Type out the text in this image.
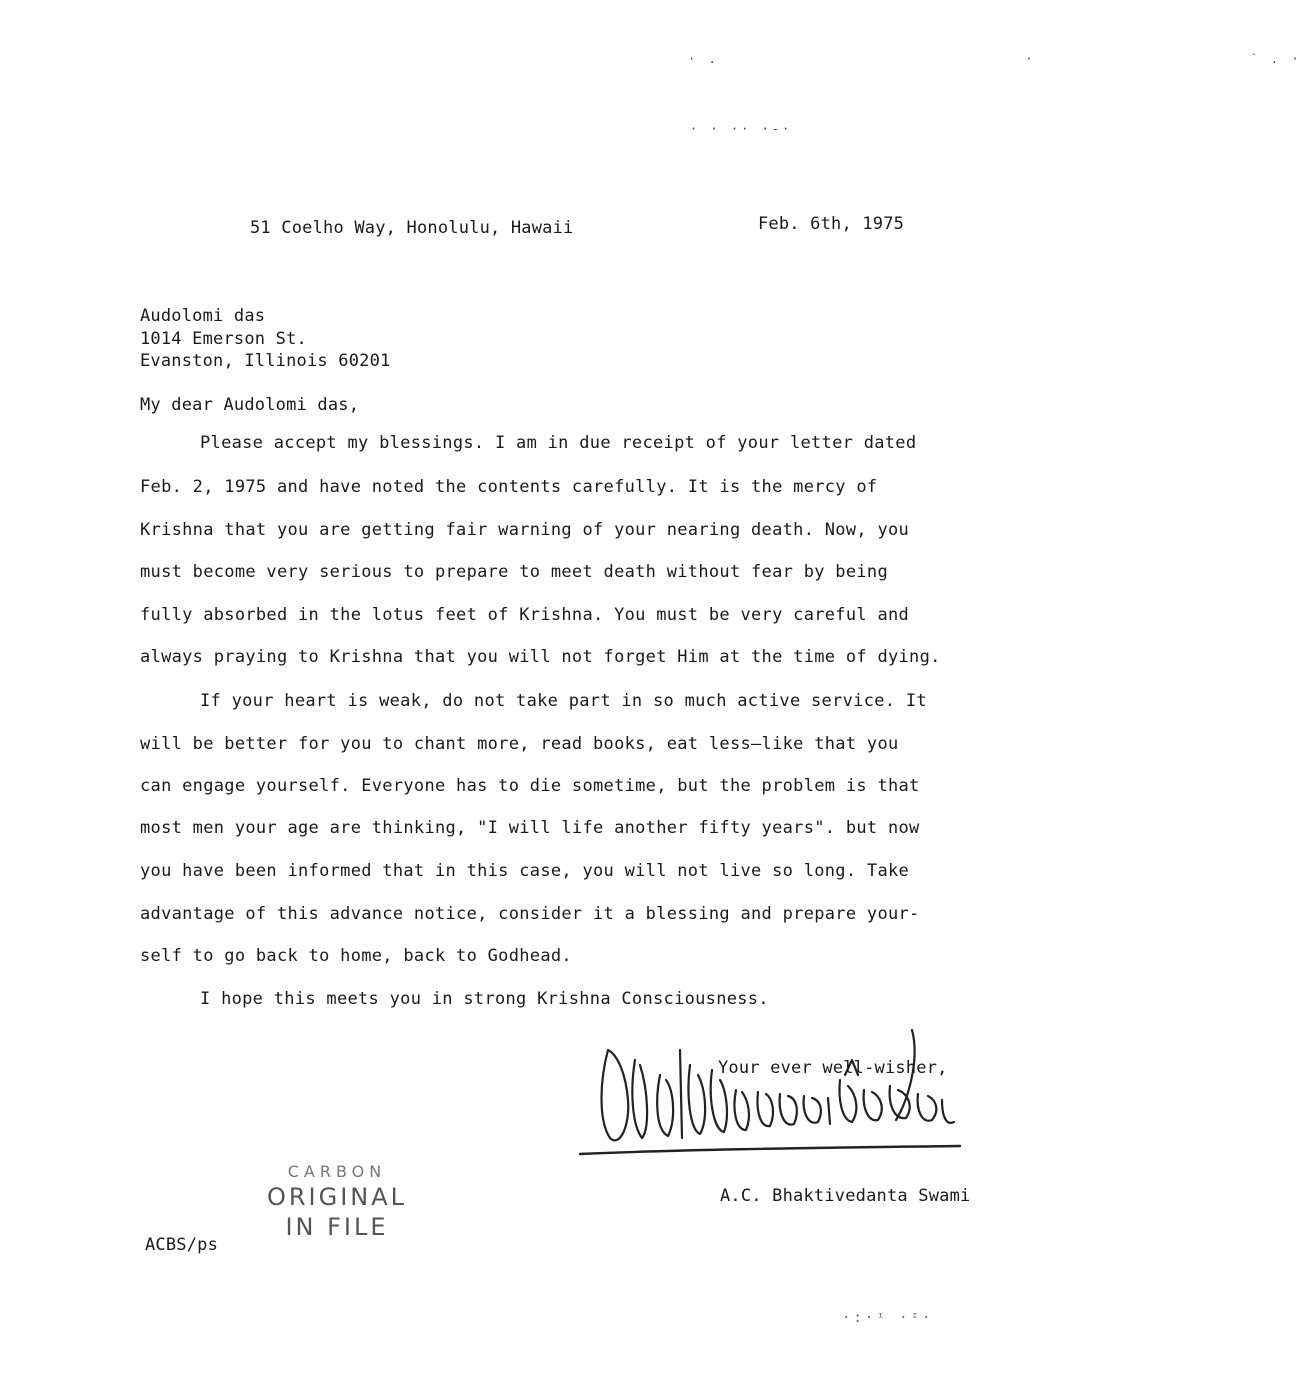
· .                              ·                     ˙ . ·
· · ·· ·-·
51 Coelho Way, Honolulu, Hawaii	Feb. 6th, 1975
Audolomi das
1014 Emerson St.
Evanston, Illinois 60201
My dear Audolomi das,
Please accept my blessings. I am in due receipt of your letter dated
Feb. 2, 1975 and have noted the contents carefully. It is the mercy of
Krishna that you are getting fair warning of your nearing death. Now, you
must become very serious to prepare to meet death without fear by being
fully absorbed in the lotus feet of Krishna. You must be very careful and
always praying to Krishna that you will not forget Him at the time of dying.
If your heart is weak, do not take part in so much active service. It
will be better for you to chant more, read books, eat less—like that you
can engage yourself. Everyone has to die sometime, but the problem is that
most men your age are thinking, "I will life another fifty years". but now
you have been informed that in this case, you will not live so long. Take
advantage of this advance notice, consider it a blessing and prepare your-
self to go back to home, back to Godhead.
I hope this meets you in strong Krishna Consciousness.
Your ever well-wisher,
A.C. Bhaktivedanta Swami
ACBS/ps
CARBON
ORIGINAL
IN FILE
·:·ᶦ ·ᶦ·
